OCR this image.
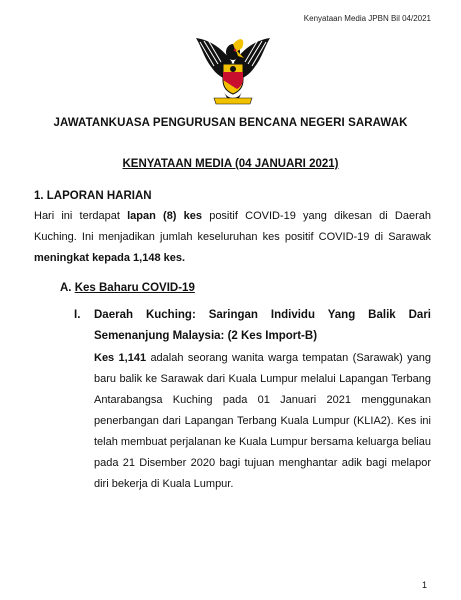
Kenyataan Media JPBN Bil 04/2021
JAWATANKUASA PENGURUSAN BENCANA NEGERI SARAWAK
KENYATAAN MEDIA (04 JANUARI 2021)
1. LAPORAN HARIAN
Hari ini terdapat lapan (8) kes positif COVID-19 yang dikesan di Daerah Kuching. Ini menjadikan jumlah keseluruhan kes positif COVID-19 di Sarawak meningkat kepada 1,148 kes.
A. Kes Baharu COVID-19
I. Daerah Kuching: Saringan Individu Yang Balik Dari Semenanjung Malaysia: (2 Kes Import-B)
Kes 1,141 adalah seorang wanita warga tempatan (Sarawak) yang baru balik ke Sarawak dari Kuala Lumpur melalui Lapangan Terbang Antarabangsa Kuching pada 01 Januari 2021 menggunakan penerbangan dari Lapangan Terbang Kuala Lumpur (KLIA2). Kes ini telah membuat perjalanan ke Kuala Lumpur bersama keluarga beliau pada 21 Disember 2020 bagi tujuan menghantar adik bagi melapor diri bekerja di Kuala Lumpur.
1
